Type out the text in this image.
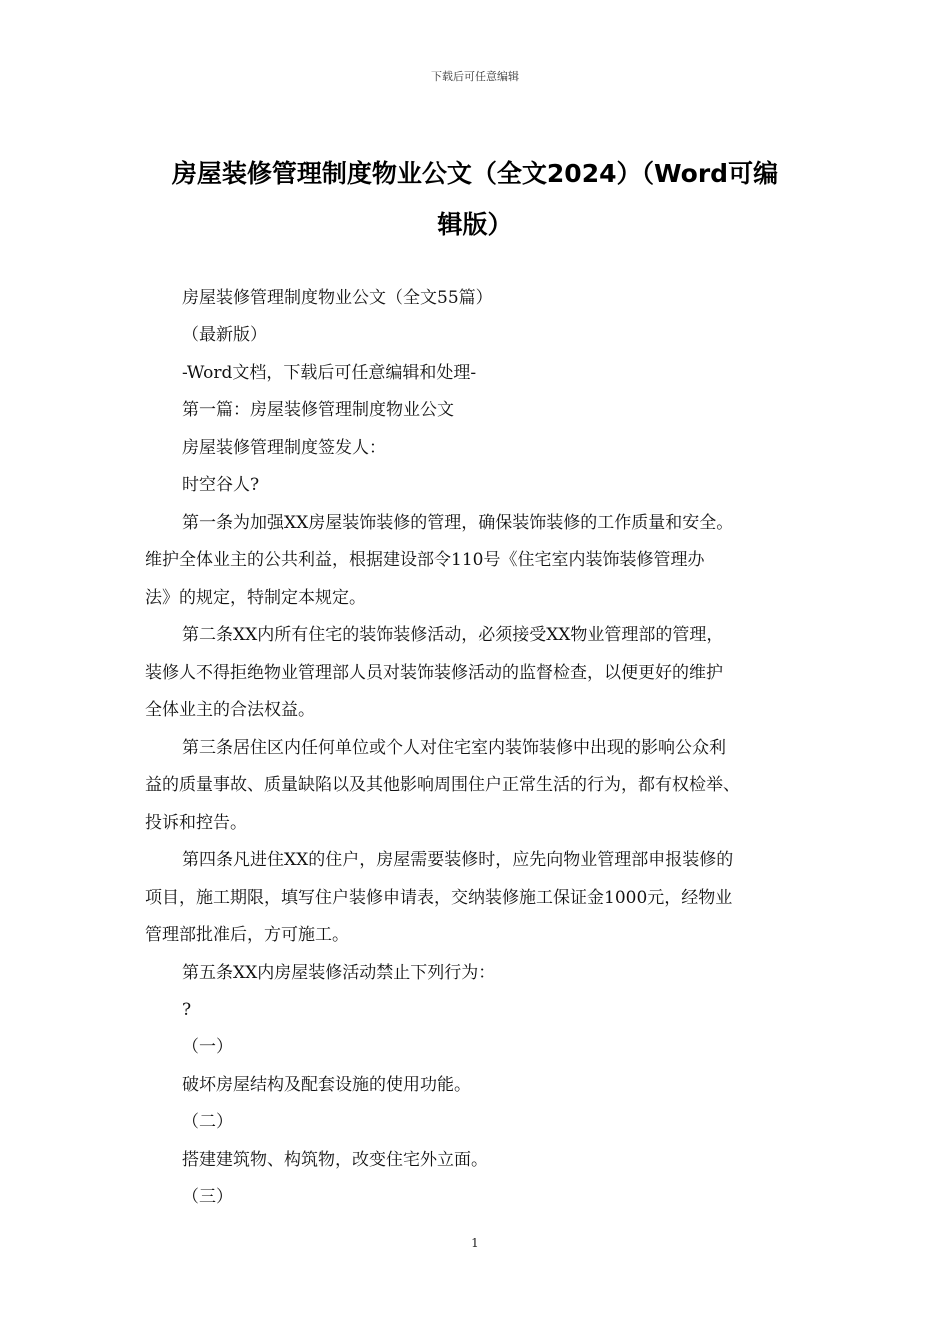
下载后可任意编辑
房屋装修管理制度物业公文（全文2024）（Word可编
辑版）
房屋装修管理制度物业公文（全文55篇）
（最新版）
-Word文档，下载后可任意编辑和处理-
第一篇：房屋装修管理制度物业公文
房屋装修管理制度签发人：
时空谷人?
第一条为加强XX房屋装饰装修的管理，确保装饰装修的工作质量和安全。
维护全体业主的公共利益，根据建设部令110号《住宅室内装饰装修管理办
法》的规定，特制定本规定。
第二条XX内所有住宅的装饰装修活动，必须接受XX物业管理部的管理，
装修人不得拒绝物业管理部人员对装饰装修活动的监督检查，以便更好的维护
全体业主的合法权益。
第三条居住区内任何单位或个人对住宅室内装饰装修中出现的影响公众利
益的质量事故、质量缺陷以及其他影响周围住户正常生活的行为，都有权检举、
投诉和控告。
第四条凡进住XX的住户，房屋需要装修时，应先向物业管理部申报装修的
项目，施工期限，填写住户装修申请表，交纳装修施工保证金1000元，经物业
管理部批准后，方可施工。
第五条XX内房屋装修活动禁止下列行为：
?
（一）
破坏房屋结构及配套设施的使用功能。
（二）
搭建建筑物、构筑物，改变住宅外立面。
（三）
1
